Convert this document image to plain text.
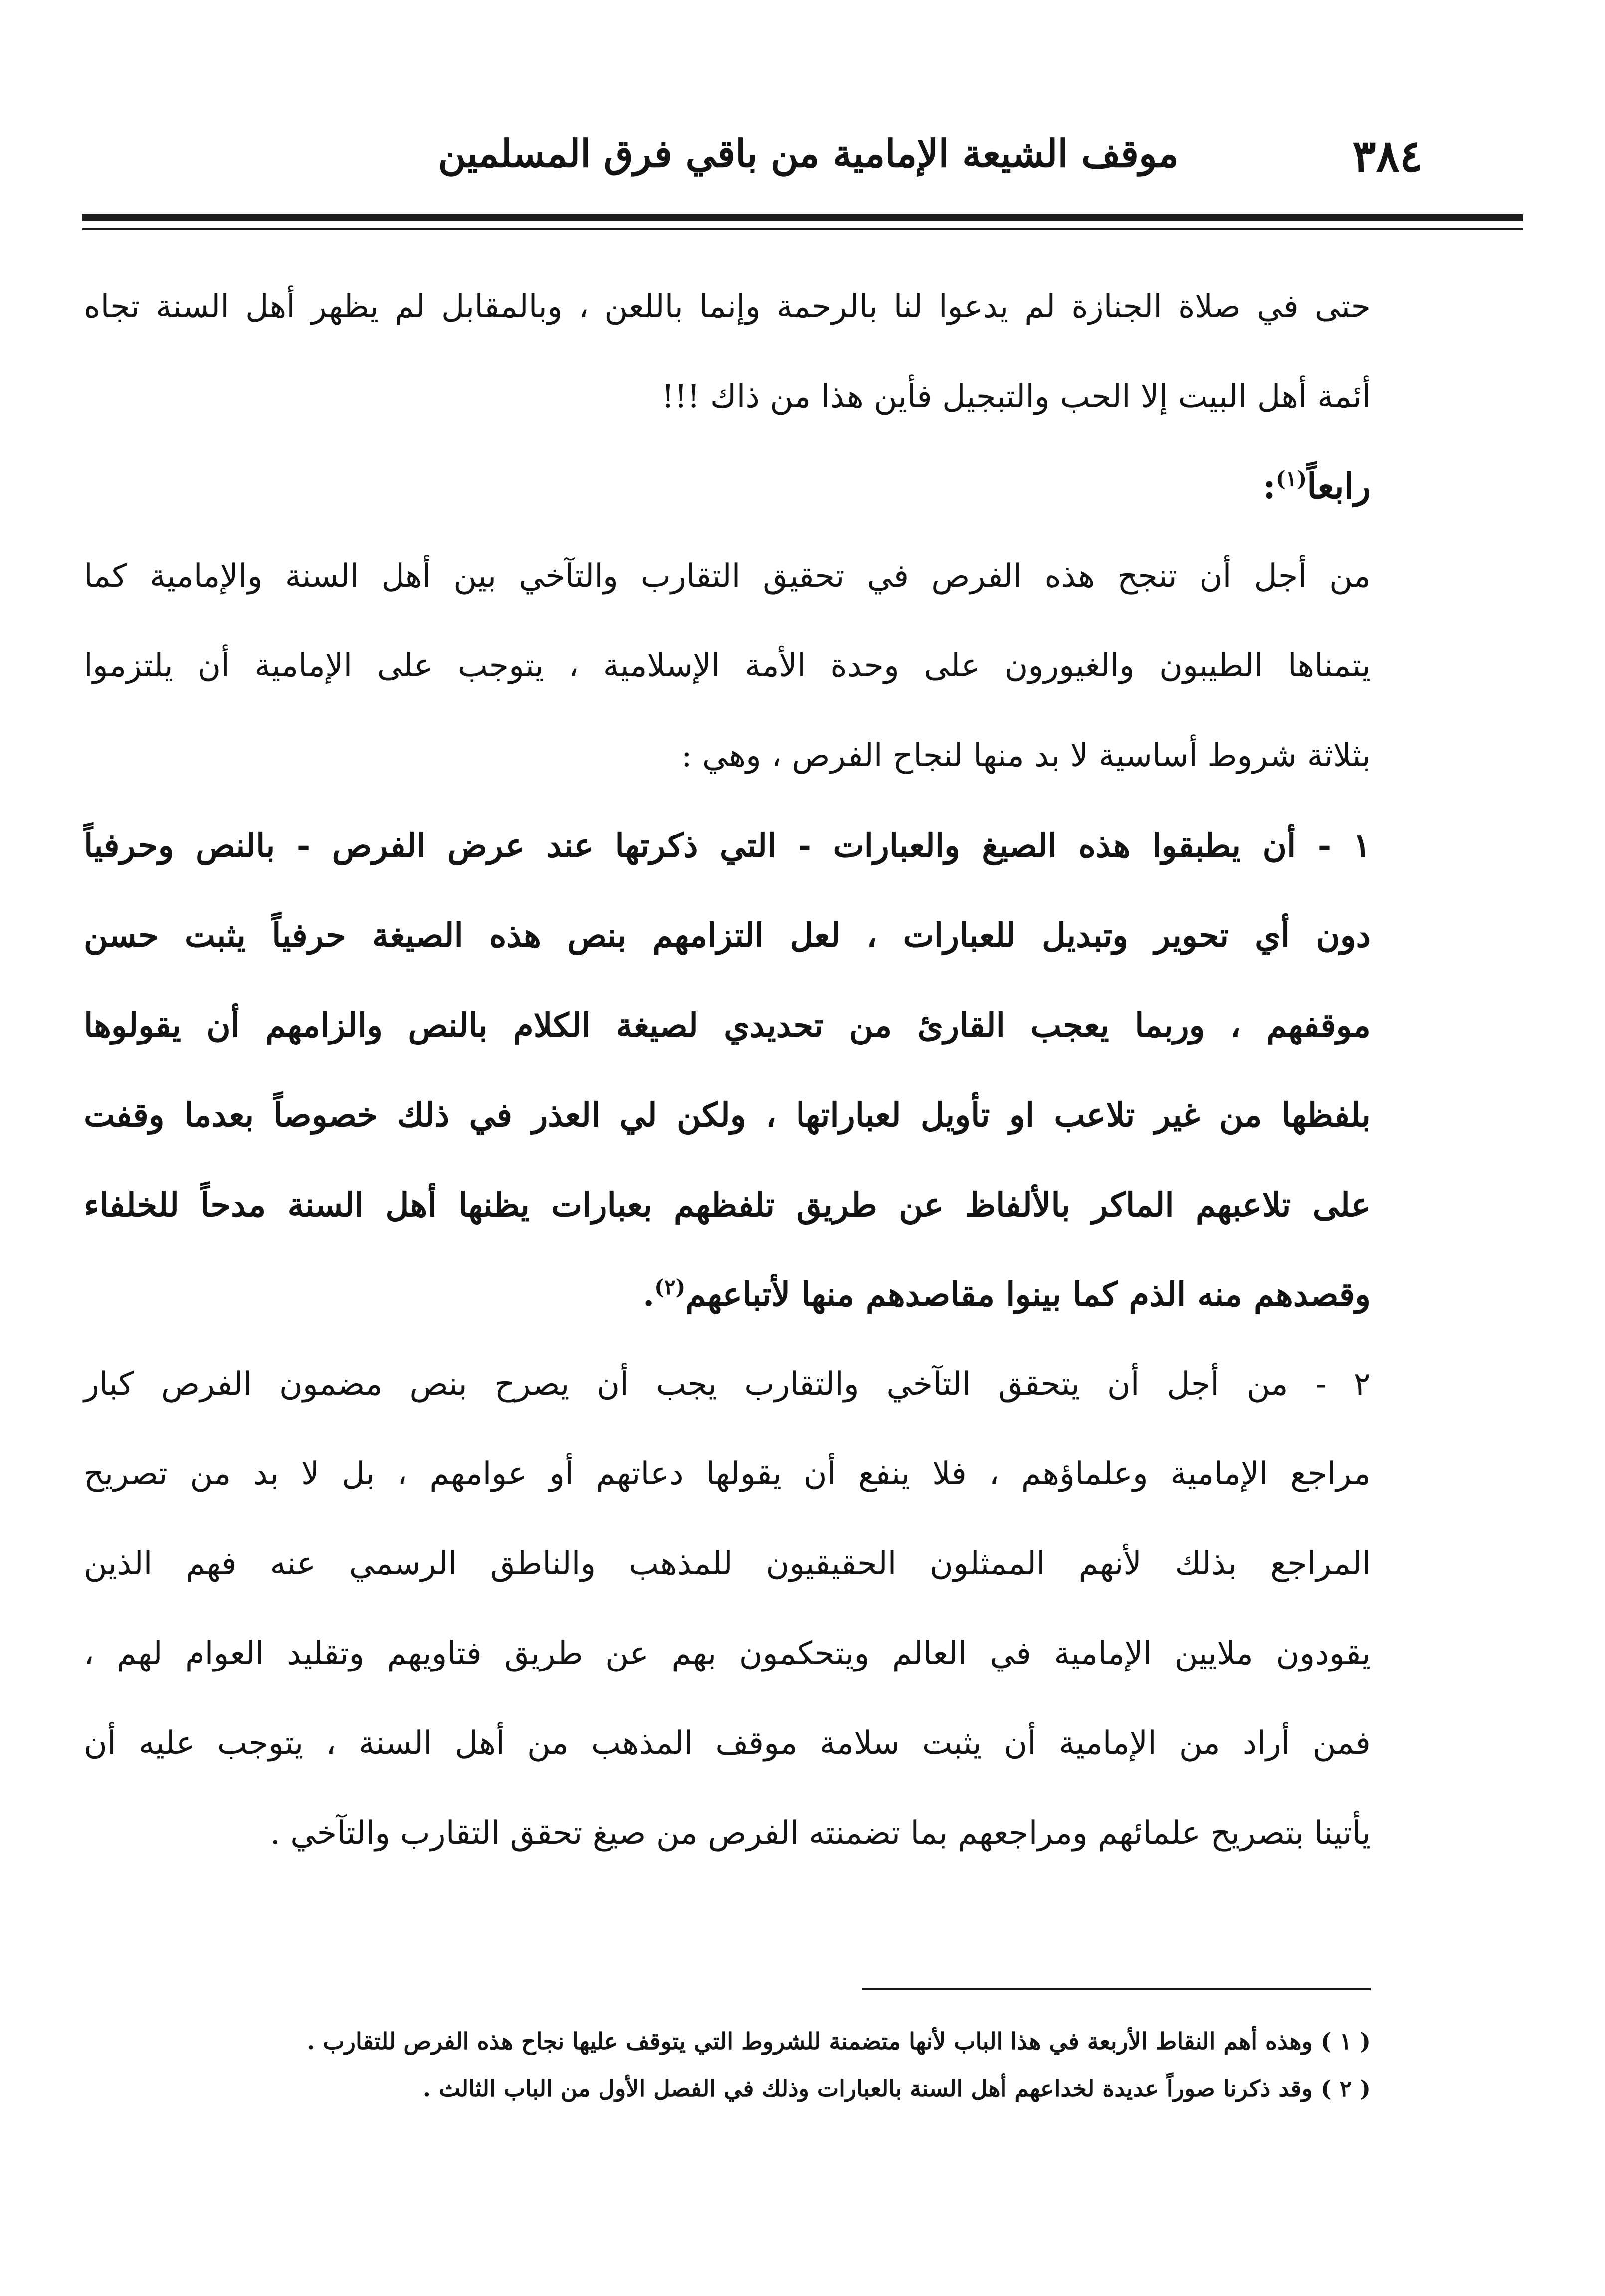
٣٨٤
موقف الشيعة الإمامية من باقي فرق المسلمين
حتى في صلاة الجنازة لم يدعوا لنا بالرحمة وإنما باللعن ، وبالمقابل لم يظهر أهل السنة تجاه
أئمة أهل البيت إلا الحب والتبجيل فأين هذا من ذاك !!!
رابعاً$^{(١)}$:
من أجل أن تنجح هذه الفرص في تحقيق التقارب والتآخي بين أهل السنة والإمامية كما
يتمناها الطيبون والغيورون على وحدة الأمة الإسلامية ، يتوجب على الإمامية أن يلتزموا
بثلاثة شروط أساسية لا بد منها لنجاح الفرص ، وهي :
١ - أن يطبقوا هذه الصيغ والعبارات - التي ذكرتها عند عرض الفرص - بالنص وحرفياً
دون أي تحوير وتبديل للعبارات ، لعل التزامهم بنص هذه الصيغة حرفياً يثبت حسن
موقفهم ، وربما يعجب القارئ من تحديدي لصيغة الكلام بالنص والزامهم أن يقولوها
بلفظها من غير تلاعب او تأويل لعباراتها ، ولكن لي العذر في ذلك خصوصاً بعدما وقفت
على تلاعبهم الماكر بالألفاظ عن طريق تلفظهم بعبارات يظنها أهل السنة مدحاً للخلفاء
وقصدهم منه الذم كما بينوا مقاصدهم منها لأتباعهم$^{(٢)}$.
٢ - من أجل أن يتحقق التآخي والتقارب يجب أن يصرح بنص مضمون الفرص كبار
مراجع الإمامية وعلماؤهم ، فلا ينفع أن يقولها دعاتهم أو عوامهم ، بل لا بد من تصريح
المراجع بذلك لأنهم الممثلون الحقيقيون للمذهب والناطق الرسمي عنه فهم الذين
يقودون ملايين الإمامية في العالم ويتحكمون بهم عن طريق فتاويهم وتقليد العوام لهم ،
فمن أراد من الإمامية أن يثبت سلامة موقف المذهب من أهل السنة ، يتوجب عليه أن
يأتينا بتصريح علمائهم ومراجعهم بما تضمنته الفرص من صيغ تحقق التقارب والتآخي .
( ١ ) وهذه أهم النقاط الأربعة في هذا الباب لأنها متضمنة للشروط التي يتوقف عليها نجاح هذه الفرص للتقارب .
( ٢ ) وقد ذكرنا صوراً عديدة لخداعهم أهل السنة بالعبارات وذلك في الفصل الأول من الباب الثالث .
